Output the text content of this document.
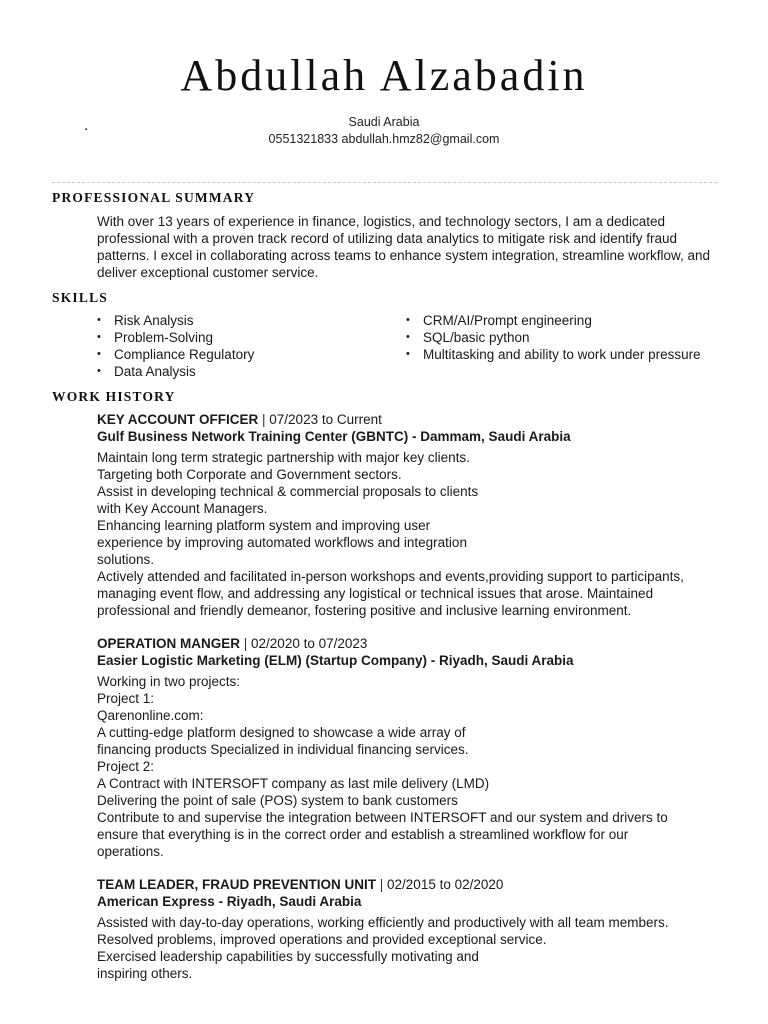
Abdullah Alzabadin
.	Saudi Arabia
0551321833 abdullah.hmz82@gmail.com
PROFESSIONAL SUMMARY

With over 13 years of experience in finance, logistics, and technology sectors, I am a dedicated professional with a proven track record of utilizing data analytics to mitigate risk and identify fraud patterns. I excel in collaborating across teams to enhance system integration, streamline workflow, and deliver exceptional customer service.

SKILLS
• Risk Analysis
• Problem-Solving
• Compliance Regulatory
• Data Analysis
• CRM/AI/Prompt engineering
• SQL/basic python
• Multitasking and ability to work under pressure
WORK HISTORY
KEY ACCOUNT OFFICER | 07/2023 to Current
Gulf Business Network Training Center (GBNTC) - Dammam, Saudi Arabia
Maintain long term strategic partnership with major key clients.
Targeting both Corporate and Government sectors.
Assist in developing technical & commercial proposals to clients
with Key Account Managers.
Enhancing learning platform system and improving user
experience by improving automated workflows and integration
solutions.
Actively attended and facilitated in-person workshops and events,providing support to participants,
managing event flow, and addressing any logistical or technical issues that arose. Maintained
professional and friendly demeanor, fostering positive and inclusive learning environment.
OPERATION MANGER | 02/2020 to 07/2023
Easier Logistic Marketing (ELM) (Startup Company) - Riyadh, Saudi Arabia
Working in two projects:
Project 1:
Qarenonline.com:
A cutting-edge platform designed to showcase a wide array of
financing products Specialized in individual financing services.
Project 2:
A Contract with INTERSOFT company as last mile delivery (LMD)
Delivering the point of sale (POS) system to bank customers
Contribute to and supervise the integration between INTERSOFT and our system and drivers to
ensure that everything is in the correct order and establish a streamlined workflow for our
operations.
TEAM LEADER, FRAUD PREVENTION UNIT | 02/2015 to 02/2020
American Express - Riyadh, Saudi Arabia
Assisted with day-to-day operations, working efficiently and productively with all team members.
Resolved problems, improved operations and provided exceptional service.
Exercised leadership capabilities by successfully motivating and
inspiring others.
